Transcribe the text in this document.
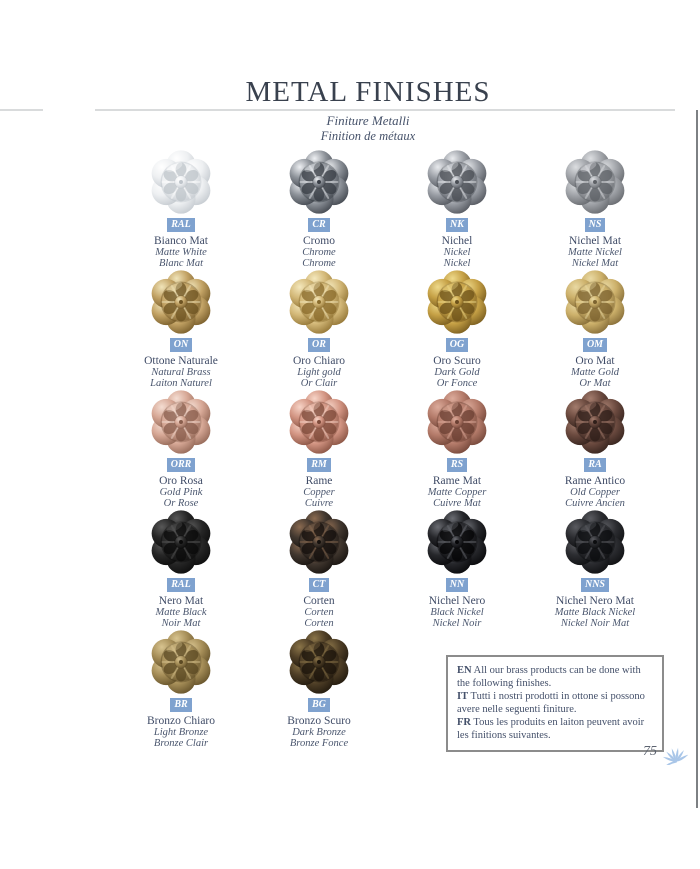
METAL FINISHES
Finiture Metalli
Finition de métaux
RAL
Bianco Mat
Matte White
Blanc Mat
CR
Cromo
Chrome
Chrome
NK
Nichel
Nickel
Nickel
NS
Nichel Mat
Matte Nickel
Nickel Mat
ON
Ottone Naturale
Natural Brass
Laiton Naturel
OR
Oro Chiaro
Light gold
Or Clair
OG
Oro Scuro
Dark Gold
Or Fonce
OM
Oro Mat
Matte Gold
Or Mat
ORR
Oro Rosa
Gold Pink
Or Rose
RM
Rame
Copper
Cuivre
RS
Rame Mat
Matte Copper
Cuivre Mat
RA
Rame Antico
Old Copper
Cuivre Ancien
RAL
Nero Mat
Matte Black
Noir Mat
CT
Corten
Corten
Corten
NN
Nichel Nero
Black Nickel
Nickel Noir
NNS
Nichel Nero Mat
Matte Black Nickel
Nickel Noir Mat
BR
Bronzo Chiaro
Light Bronze
Bronze Clair
BG
Bronzo Scuro
Dark Bronze
Bronze Fonce

EN All our brass products can be done with the following finishes.

IT Tutti i nostri prodotti in ottone si possono avere nelle seguenti finiture.

FR Tous les produits en laiton peuvent avoir les finitions suivantes.

75
